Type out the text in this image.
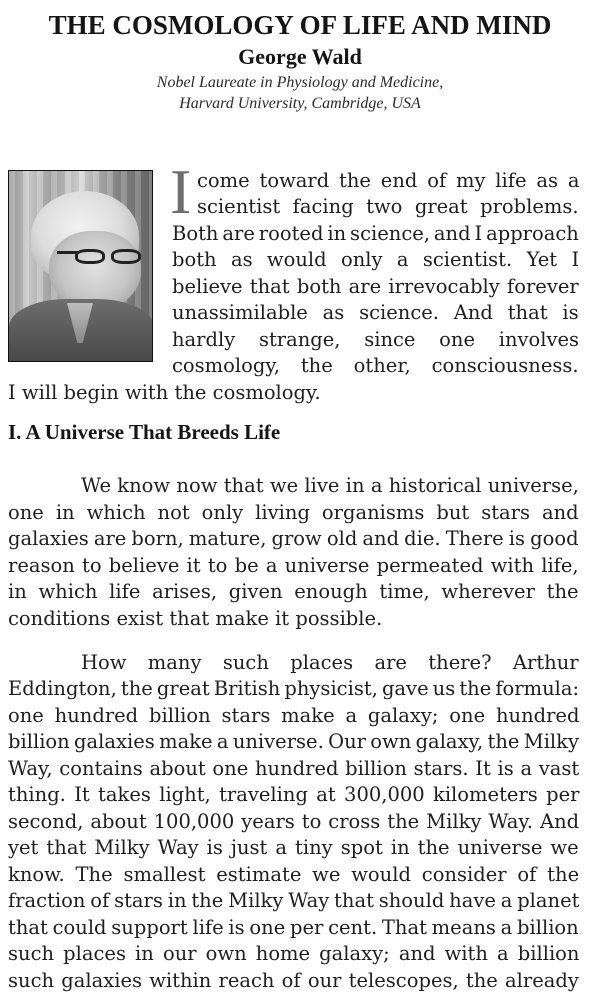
THE COSMOLOGY OF LIFE AND MIND
George Wald
Nobel Laureate in Physiology and Medicine,
Harvard University, Cambridge, USA
I come toward the end of my life as a
scientist facing two great problems.
Both are rooted in science, and I approach
both as would only a scientist. Yet I
believe that both are irrevocably forever
unassimilable as science. And that is
hardly strange, since one involves
cosmology, the other, consciousness.
I will begin with the cosmology.
I. A Universe That Breeds Life
We know now that we live in a historical universe,
one in which not only living organisms but stars and
galaxies are born, mature, grow old and die. There is good
reason to believe it to be a universe permeated with life,
in which life arises, given enough time, wherever the
conditions exist that make it possible.
How many such places are there? Arthur
Eddington, the great British physicist, gave us the formula:
one hundred billion stars make a galaxy; one hundred
billion galaxies make a universe. Our own galaxy, the Milky
Way, contains about one hundred billion stars. It is a vast
thing. It takes light, traveling at 300,000 kilometers per
second, about 100,000 years to cross the Milky Way. And
yet that Milky Way is just a tiny spot in the universe we
know. The smallest estimate we would consider of the
fraction of stars in the Milky Way that should have a planet
that could support life is one per cent. That means a billion
such places in our own home galaxy; and with a billion
such galaxies within reach of our telescopes, the already
